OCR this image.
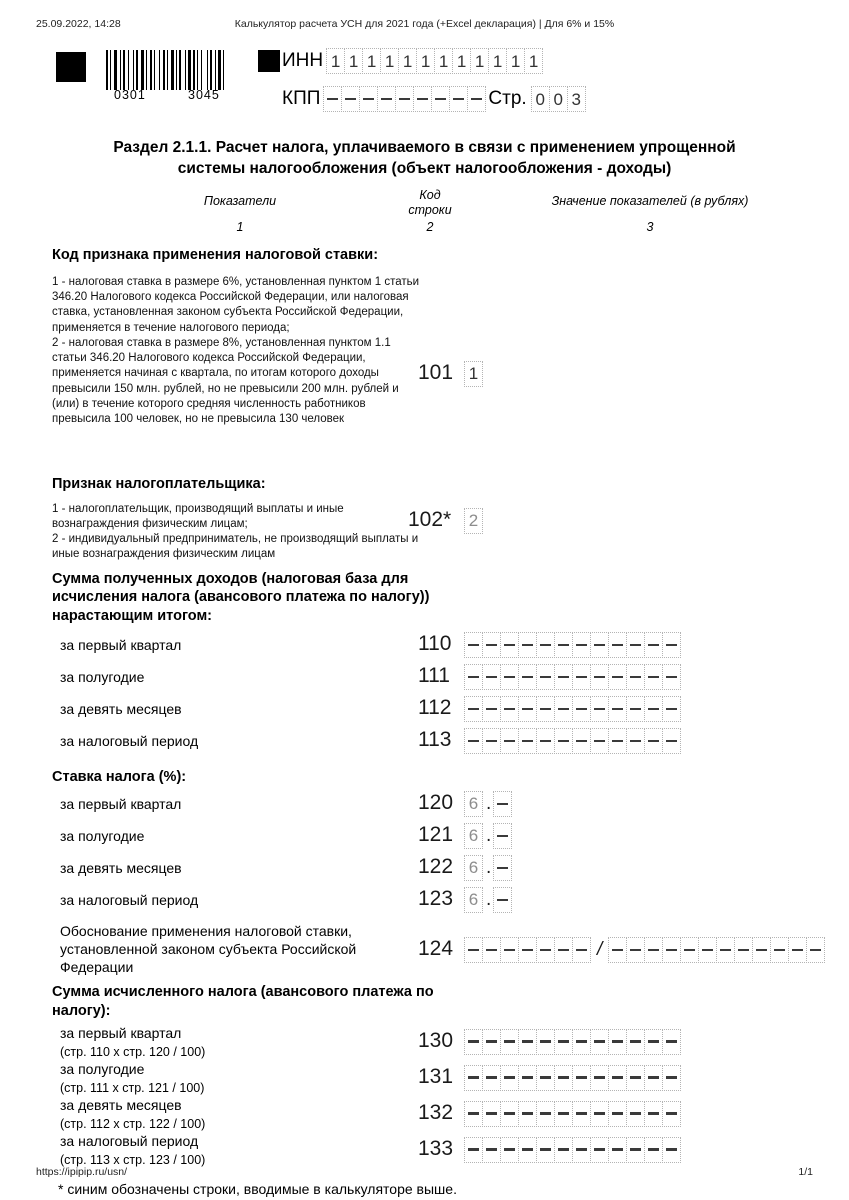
25.09.2022, 14:28	Калькулятор расчета УСН для 2021 года (+Excel декларация) | Для 6% и 15%
0301	3045
ИНН 1 1 1 1 1 1 1 1 1 1 1 1
КПП	Стр. 0 0 3
Раздел 2.1.1. Расчет налога, уплачиваемого в связи с применением упрощенной
системы налогообложения (объект налогообложения - доходы)
Показатели	Код
строки
Значение показателей (в рублях)
1	2	3
Код признака применения налоговой ставки:
1 - налоговая ставка в размере 6%, установленная пунктом 1 статьи 346.20 Налогового кодекса Российской Федерации, или налоговая ставка, установленная законом субъекта Российской Федерации, применяется в течение налогового периода;
2 - налоговая ставка в размере 8%, установленная пунктом 1.1 статьи 346.20 Налогового кодекса Российской Федерации, применяется начиная с квартала, по итогам которого доходы превысили 150 млн. рублей, но не превысили 200 млн. рублей и (или) в течение которого средняя численность работников превысила 100 человек, но не превысила 130 человек
101 1
Признак налогоплательщика:
1 - налогоплательщик, производящий выплаты и иные вознаграждения физическим лицам;
2 - индивидуальный предприниматель, не производящий выплаты и иные вознаграждения физическим лицам
102* 2
Сумма полученных доходов (налоговая база для исчисления налога (авансового платежа по налогу)) нарастающим итогом:
за первый квартал	110
за полугодие	111
за девять месяцев	112
за налоговый период	113
Ставка налога (%):
за первый квартал	120 6 .
за полугодие	121 6 .
за девять месяцев	122 6 .
за налоговый период	123 6 .
Обоснование применения налоговой ставки, установленной законом субъекта Российской Федерации
124	/
Сумма исчисленного налога (авансового платежа по налогу):
за первый квартал
(стр. 110 х стр. 120 / 100)	130
за полугодие
(стр. 111 х стр. 121 / 100)	131
за девять месяцев
(стр. 112 х стр. 122 / 100)	132
за налоговый период
(стр. 113 х стр. 123 / 100)	133
* синим обозначены строки, вводимые в калькуляторе выше.
https://ipipip.ru/usn/	1/1
